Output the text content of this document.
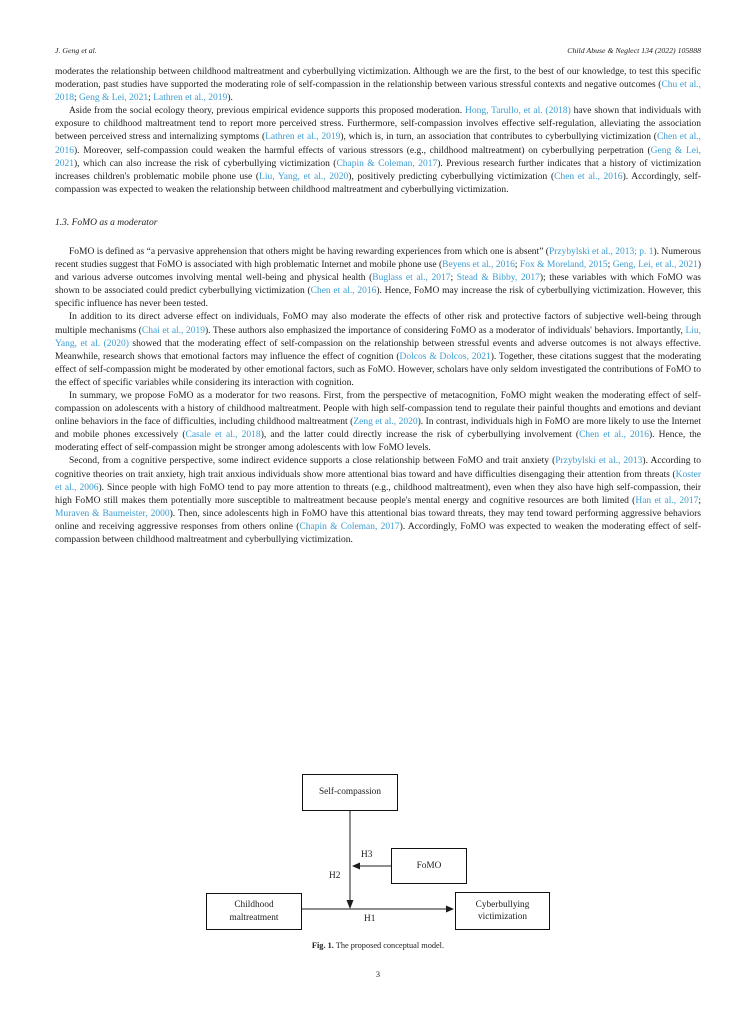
J. Geng et al.	Child Abuse & Neglect 134 (2022) 105888

moderates the relationship between childhood maltreatment and cyberbullying victimization. Although we are the first, to the best of our knowledge, to test this specific moderation, past studies have supported the moderating role of self-compassion in the relationship between various stressful contexts and negative outcomes (Chu et al., 2018; Geng & Lei, 2021; Lathren et al., 2019).

Aside from the social ecology theory, previous empirical evidence supports this proposed moderation. Hong, Tarullo, et al. (2018) have shown that individuals with exposure to childhood maltreatment tend to report more perceived stress. Furthermore, self-compassion involves effective self-regulation, alleviating the association between perceived stress and internalizing symptoms (Lathren et al., 2019), which is, in turn, an association that contributes to cyberbullying victimization (Chen et al., 2016). Moreover, self-compassion could weaken the harmful effects of various stressors (e.g., childhood maltreatment) on cyberbullying perpetration (Geng & Lei, 2021), which can also increase the risk of cyberbullying victimization (Chapin & Coleman, 2017). Previous research further indicates that a history of victimization increases children's problematic mobile phone use (Liu, Yang, et al., 2020), positively predicting cyberbullying victimization (Chen et al., 2016). Accordingly, self-compassion was expected to weaken the relationship between childhood maltreatment and cyberbullying victimization.

1.3. FoMO as a moderator

FoMO is defined as “a pervasive apprehension that others might be having rewarding experiences from which one is absent” (Przybylski et al., 2013; p. 1). Numerous recent studies suggest that FoMO is associated with high problematic Internet and mobile phone use (Beyens et al., 2016; Fox & Moreland, 2015; Geng, Lei, et al., 2021) and various adverse outcomes involving mental well-being and physical health (Buglass et al., 2017; Stead & Bibby, 2017); these variables with which FoMO was shown to be associated could predict cyberbullying victimization (Chen et al., 2016). Hence, FoMO may increase the risk of cyberbullying victimization. However, this specific influence has never been tested.

In addition to its direct adverse effect on individuals, FoMO may also moderate the effects of other risk and protective factors of subjective well-being through multiple mechanisms (Chai et al., 2019). These authors also emphasized the importance of considering FoMO as a moderator of individuals' behaviors. Importantly, Liu, Yang, et al. (2020) showed that the moderating effect of self-compassion on the relationship between stressful events and adverse outcomes is not always effective. Meanwhile, research shows that emotional factors may influence the effect of cognition (Dolcos & Dolcos, 2021). Together, these citations suggest that the moderating effect of self-compassion might be moderated by other emotional factors, such as FoMO. However, scholars have only seldom investigated the contributions of FoMO to the effect of specific variables while considering its interaction with cognition.

In summary, we propose FoMO as a moderator for two reasons. First, from the perspective of metacognition, FoMO might weaken the moderating effect of self-compassion on adolescents with a history of childhood maltreatment. People with high self-compassion tend to regulate their painful thoughts and emotions and deviant online behaviors in the face of difficulties, including childhood maltreatment (Zeng et al., 2020). In contrast, individuals high in FoMO are more likely to use the Internet and mobile phones excessively (Casale et al., 2018), and the latter could directly increase the risk of cyberbullying involvement (Chen et al., 2016). Hence, the moderating effect of self-compassion might be stronger among adolescents with low FoMO levels.

Second, from a cognitive perspective, some indirect evidence supports a close relationship between FoMO and trait anxiety (Przybylski et al., 2013). According to cognitive theories on trait anxiety, high trait anxious individuals show more attentional bias toward and have difficulties disengaging their attention from threats (Koster et al., 2006). Since people with high FoMO tend to pay more attention to threats (e.g., childhood maltreatment), even when they also have high self-compassion, their high FoMO still makes them potentially more susceptible to maltreatment because people's mental energy and cognitive resources are both limited (Han et al., 2017; Muraven & Baumeister, 2000). Then, since adolescents high in FoMO have this attentional bias toward threats, they may tend toward performing aggressive behaviors online and receiving aggressive responses from others online (Chapin & Coleman, 2017). Accordingly, FoMO was expected to weaken the moderating effect of self-compassion between childhood maltreatment and cyberbullying victimization.

Self-compassion
FoMO
Childhood maltreatment
Cyberbullying victimization
H3
H2
H1
Fig. 1. The proposed conceptual model.
3
